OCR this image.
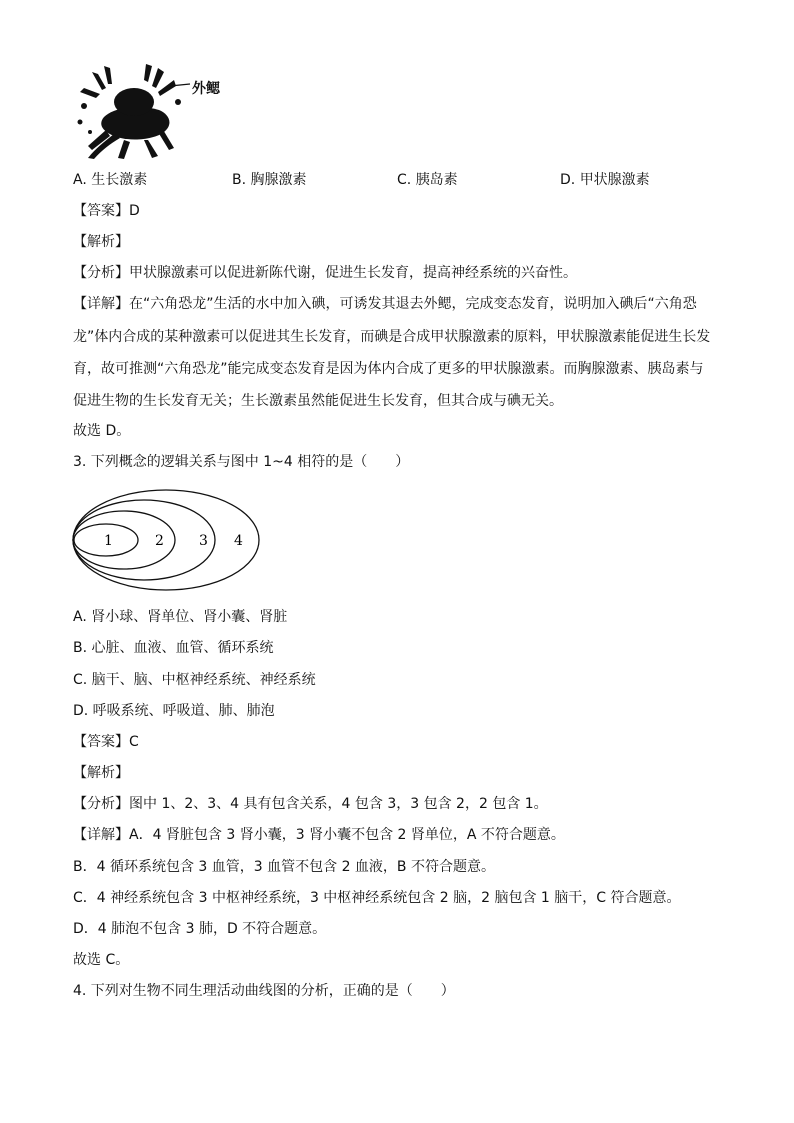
外鳃
A. 生长激素	B. 胸腺激素	C. 胰岛素	D. 甲状腺激素
【答案】D
【解析】
【分析】甲状腺激素可以促进新陈代谢，促进生长发育，提高神经系统的兴奋性。
【详解】在“六角恐龙”生活的水中加入碘，可诱发其退去外鳃，完成变态发育，说明加入碘后“六角恐
龙”体内合成的某种激素可以促进其生长发育，而碘是合成甲状腺激素的原料，甲状腺激素能促进生长发
育，故可推测“六角恐龙”能完成变态发育是因为体内合成了更多的甲状腺激素。而胸腺激素、胰岛素与
促进生物的生长发育无关；生长激素虽然能促进生长发育，但其合成与碘无关。
故选 D。
3. 下列概念的逻辑关系与图中 1~4 相符的是（　　）
1	2	3 4
A. 肾小球、肾单位、肾小囊、肾脏
B. 心脏、血液、血管、循环系统
C. 脑干、脑、中枢神经系统、神经系统
D. 呼吸系统、呼吸道、肺、肺泡
【答案】C
【解析】
【分析】图中 1、2、3、4 具有包含关系，4 包含 3，3 包含 2，2 包含 1。
【详解】A．4 肾脏包含 3 肾小囊，3 肾小囊不包含 2 肾单位，A 不符合题意。
B．4 循环系统包含 3 血管，3 血管不包含 2 血液，B 不符合题意。
C．4 神经系统包含 3 中枢神经系统，3 中枢神经系统包含 2 脑，2 脑包含 1 脑干，C 符合题意。
D．4 肺泡不包含 3 肺，D 不符合题意。
故选 C。
4. 下列对生物不同生理活动曲线图的分析，正确的是（　　）
